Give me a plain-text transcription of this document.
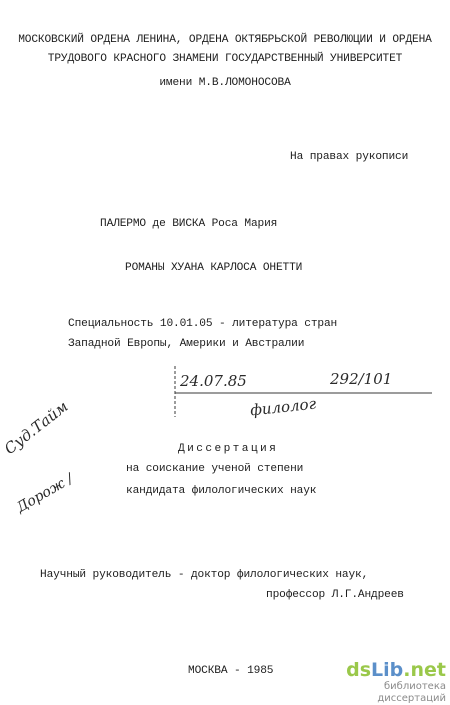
МОСКОВСКИЙ ОРДЕНА ЛЕНИНА, ОРДЕНА ОКТЯБРЬСКОЙ РЕВОЛЮЦИИ И ОРДЕНА
ТРУДОВОГО КРАСНОГО ЗНАМЕНИ ГОСУДАРСТВЕННЫЙ УНИВЕРСИТЕТ
имени М.В.ЛОМОНОСОВА
На правах рукописи
ПАЛЕРМО де ВИСКА Роса Мария
РОМАНЫ ХУАНА КАРЛОСА ОНЕТТИ
Специальность 10.01.05 - литература стран
Западной Европы, Америки и Австралии
24.07.85	292/101
филолог
Суд.Тайм
Дорож /
Диссертация
на соискание ученой степени
кандидата филологических наук
Научный руководитель - доктор филологических наук,
профессор Л.Г.Андреев
МОСКВА - 1985	dsLib.net
библиотека диссертаций
